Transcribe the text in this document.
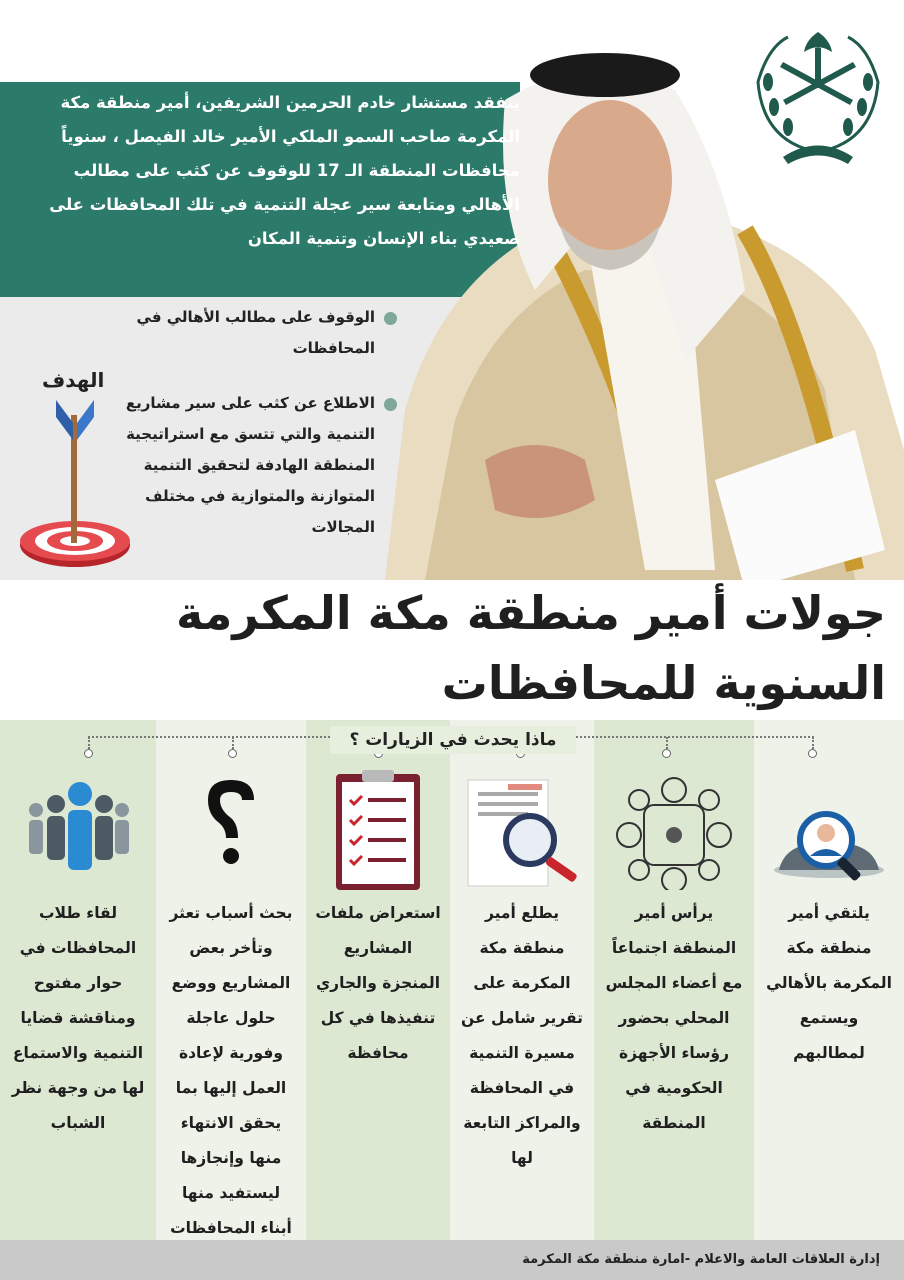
يتفقد مستشار خادم الحرمين الشريفين، أمير منطقة مكة المكرمة صاحب السمو الملكي الأمير خالد الفيصل ، سنوياً محافظات المنطقة الـ 17 للوقوف عن كثب على مطالب الأهالي ومتابعة سير عجلة التنمية في تلك المحافظات على صعيدي بناء الإنسان وتنمية المكان
الوقوف على مطالب الأهالي في المحافظات
الاطلاع عن كثب على سير مشاريع التنمية والتي تتسق مع استراتيجية المنطقة الهادفة لتحقيق التنمية المتوازنة والمتوازية في مختلف المجالات
الهدف
جولات أمير منطقة مكة المكرمة
السنوية للمحافظات
يلتقي أمير منطقة مكة المكرمة بالأهالي ويستمع لمطالبهم
يرأس أمير المنطقة اجتماعاً مع أعضاء المجلس المحلي بحضور رؤساء الأجهزة الحكومية في المنطقة
يطلع أمير منطقة مكة المكرمة على تقرير شامل عن مسيرة التنمية في المحافظة والمراكز التابعة لها
استعراض ملفات المشاريع المنجزة والجاري تنفيذها في كل محافظة
بحث أسباب تعثر وتأخر بعض المشاريع ووضع حلول عاجلة وفورية لإعادة العمل إليها بما يحقق الانتهاء منها وإنجازها ليستفيد منها أبناء المحافظات
لقاء طلاب المحافظات في حوار مفتوح ومناقشة قضايا التنمية والاستماع لها من وجهة نظر الشباب
ماذا يحدث في الزيارات ؟
إدارة العلاقات العامة والاعلام -امارة منطقة مكة المكرمة
